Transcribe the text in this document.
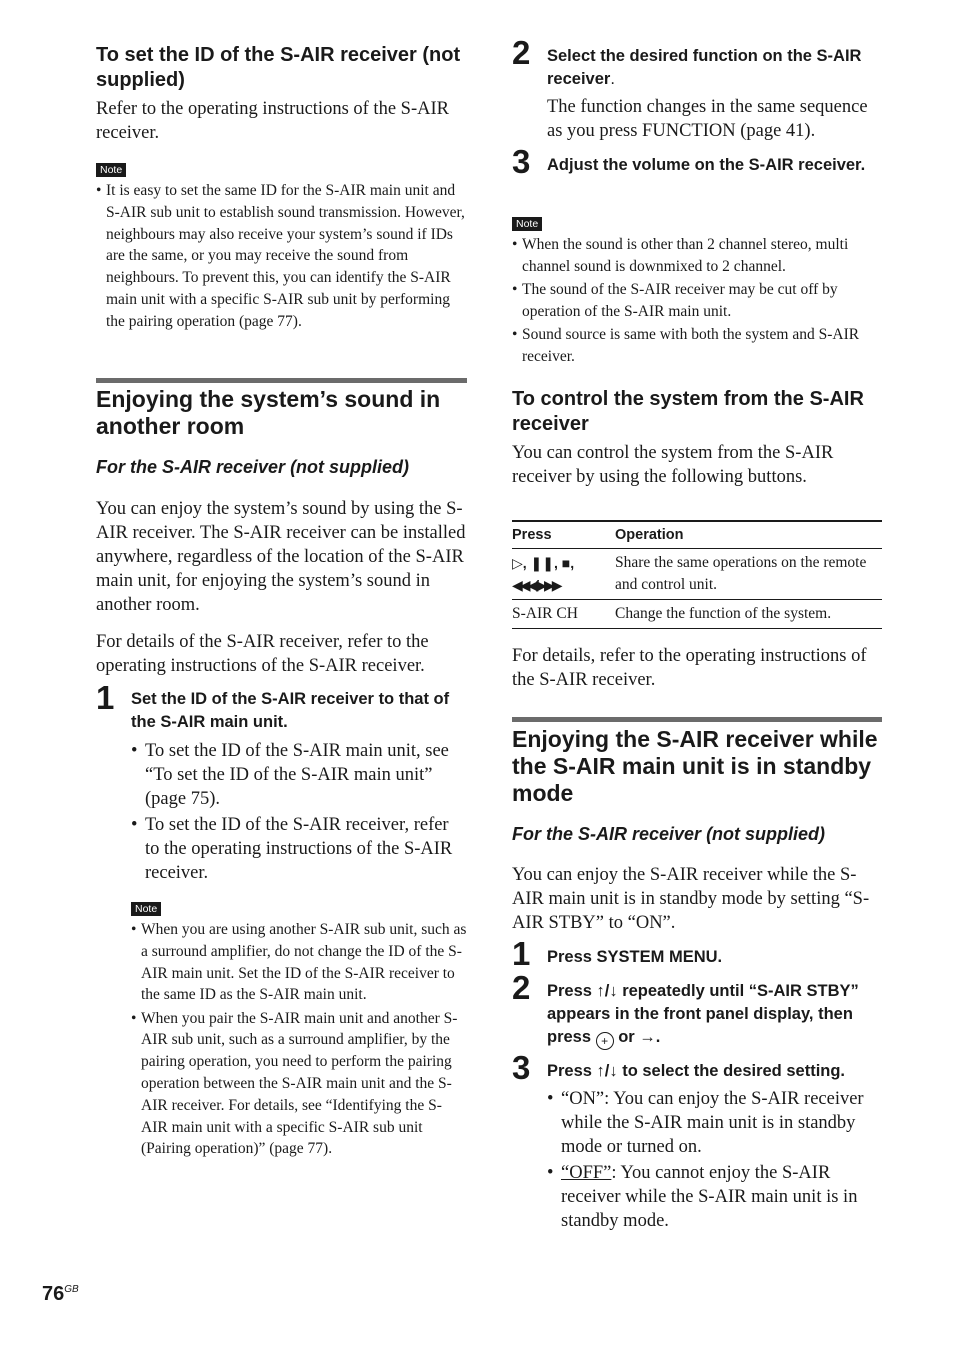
To set the ID of the S-AIR receiver (not supplied)

Refer to the operating instructions of the S-AIR receiver.

Note
• It is easy to set the same ID for the S-AIR main unit and S-AIR sub unit to establish sound transmission. However, neighbours may also receive your system’s sound if IDs are the same, or you may receive the sound from neighbours. To prevent this, you can identify the S-AIR main unit with a specific S-AIR sub unit by performing the pairing operation (page 77).
Enjoying the system’s sound in another room
For the S-AIR receiver (not supplied)

You can enjoy the system’s sound by using the S-AIR receiver. The S-AIR receiver can be installed anywhere, regardless of the location of the S-AIR main unit, for enjoying the system’s sound in another room.

For details of the S-AIR receiver, refer to the operating instructions of the S-AIR receiver.

1 Set the ID of the S-AIR receiver to that of the S-AIR main unit.

• To set the ID of the S-AIR main unit, see “To set the ID of the S-AIR main unit” (page 75).
• To set the ID of the S-AIR receiver, refer to the operating instructions of the S-AIR receiver.
Note
• When you are using another S-AIR sub unit, such as a surround amplifier, do not change the ID of the S-AIR main unit. Set the ID of the S-AIR receiver to the same ID as the S-AIR main unit.
• When you pair the S-AIR main unit and another S-AIR sub unit, such as a surround amplifier, by the pairing operation, you need to perform the pairing operation between the S-AIR main unit and the S-AIR receiver. For details, see “Identifying the S-AIR main unit with a specific S-AIR sub unit (Pairing operation)” (page 77).
2 Select the desired function on the S-AIR receiver.

The function changes in the same sequence as you press FUNCTION (page 41).

3 Adjust the volume on the S-AIR receiver.

Note
• When the sound is other than 2 channel stereo, multi channel sound is downmixed to 2 channel.
• The sound of the S-AIR receiver may be cut off by operation of the S-AIR main unit.
• Sound source is same with both the system and S-AIR receiver.
To control the system from the S-AIR receiver

You can control the system from the S-AIR receiver by using the following buttons.

Press	Operation

▷, ❚❚, ■,
◀◀◀/▶▶▶	Share the same operations on the remote and control unit.
S-AIR CH	Change the function of the system.

For details, refer to the operating instructions of the S-AIR receiver.

Enjoying the S-AIR receiver while the S-AIR main unit is in standby mode
For the S-AIR receiver (not supplied)

You can enjoy the S-AIR receiver while the S-AIR main unit is in standby mode by setting “S-AIR STBY” to “ON”.

1 Press SYSTEM MENU.

2 Press ↑/↓ repeatedly until “S-AIR STBY” appears in the front panel display, then press + or →.

3 Press ↑/↓ to select the desired setting.

• “ON”: You can enjoy the S-AIR receiver while the S-AIR main unit is in standby mode or turned on.
• “OFF”: You cannot enjoy the S-AIR receiver while the S-AIR main unit is in standby mode.
$76^{GB}$
